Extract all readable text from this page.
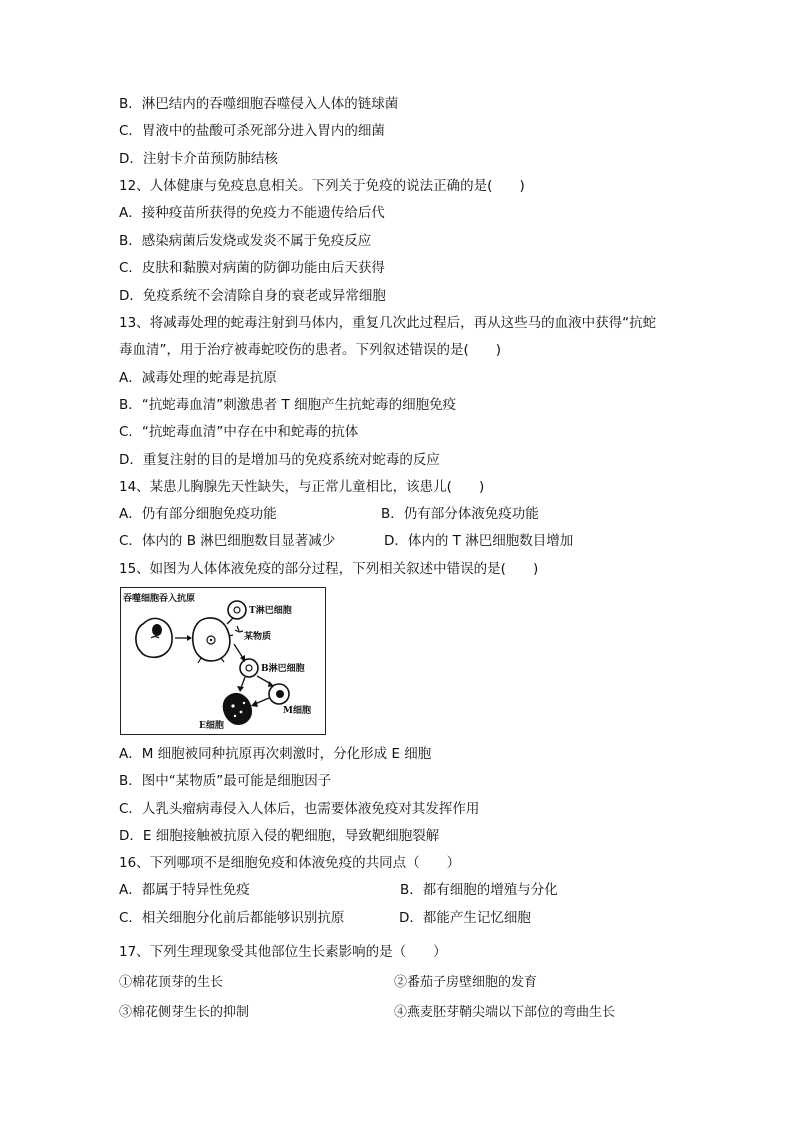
B．淋巴结内的吞噬细胞吞噬侵入人体的链球菌
C．胃液中的盐酸可杀死部分进入胃内的细菌
D．注射卡介苗预防肺结核
12、人体健康与免疫息息相关。下列关于免疫的说法正确的是(　　)
A．接种疫苗所获得的免疫力不能遗传给后代
B．感染病菌后发烧或发炎不属于免疫反应
C．皮肤和黏膜对病菌的防御功能由后天获得
D．免疫系统不会清除自身的衰老或异常细胞
13、将减毒处理的蛇毒注射到马体内，重复几次此过程后，再从这些马的血液中获得“抗蛇
毒血清”，用于治疗被毒蛇咬伤的患者。下列叙述错误的是(　　)
A．减毒处理的蛇毒是抗原
B．“抗蛇毒血清”刺激患者 T 细胞产生抗蛇毒的细胞免疫
C．“抗蛇毒血清”中存在中和蛇毒的抗体
D．重复注射的目的是增加马的免疫系统对蛇毒的反应
14、某患儿胸腺先天性缺失，与正常儿童相比，该患儿(　　)
A．仍有部分细胞免疫功能	B．仍有部分体液免疫功能
C．体内的 B 淋巴细胞数目显著减少	D．体内的 T 淋巴细胞数目增加
15、如图为人体体液免疫的部分过程，下列相关叙述中错误的是(　　)
吞噬细胞吞入抗原
T淋巴细胞
某物质
B淋巴细胞
M细胞
E细胞
A．M 细胞被同种抗原再次刺激时，分化形成 E 细胞
B．图中“某物质”最可能是细胞因子
C．人乳头瘤病毒侵入人体后，也需要体液免疫对其发挥作用
D．E 细胞接触被抗原入侵的靶细胞，导致靶细胞裂解
16、下列哪项不是细胞免疫和体液免疫的共同点（　　）
A．都属于特异性免疫	B．都有细胞的增殖与分化
C．相关细胞分化前后都能够识别抗原	D．都能产生记忆细胞
17、下列生理现象受其他部位生长素影响的是（　　）
①棉花顶芽的生长	②番茄子房壁细胞的发育
③棉花侧芽生长的抑制	④燕麦胚芽鞘尖端以下部位的弯曲生长
